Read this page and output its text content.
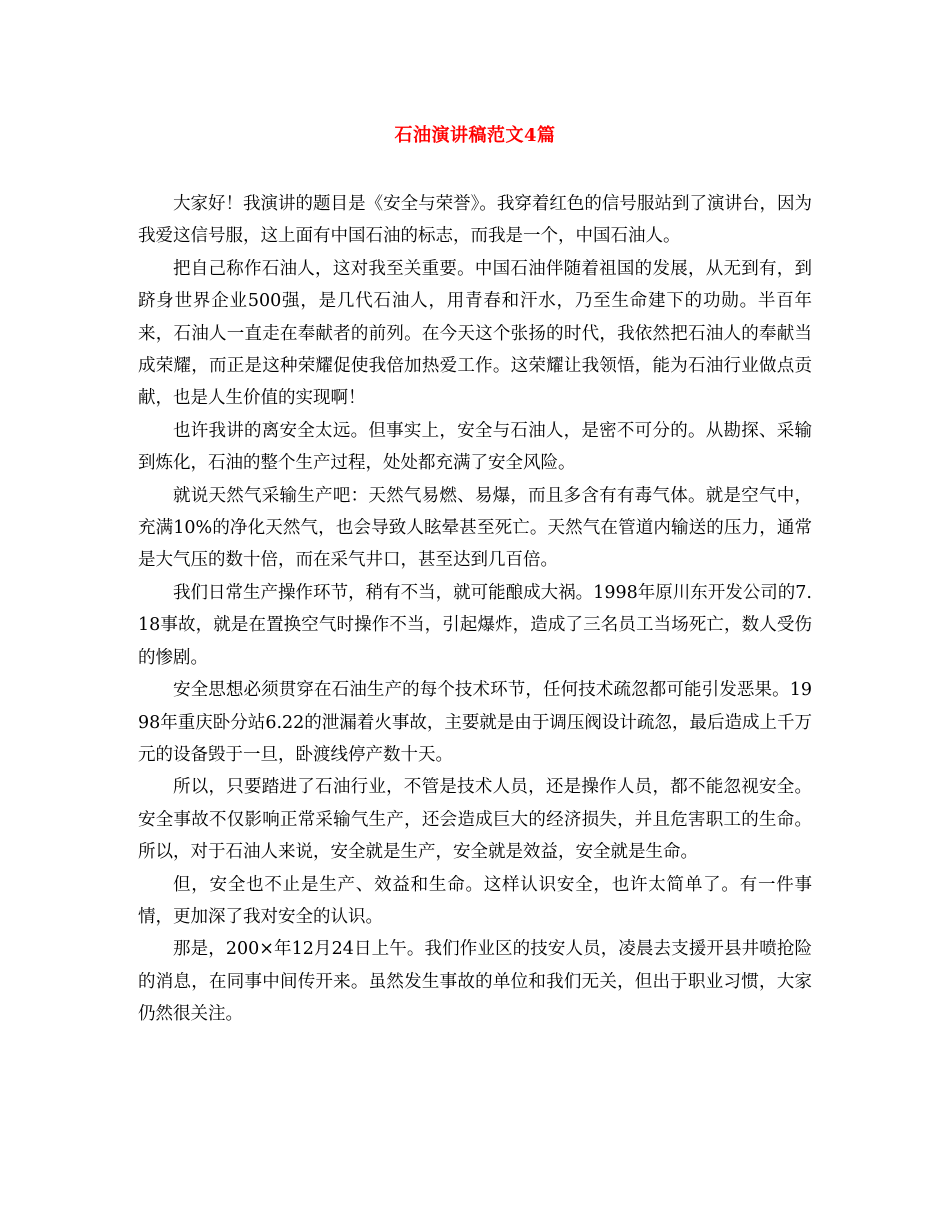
石油演讲稿范文4篇

大家好！我演讲的题目是《安全与荣誉》。我穿着红色的信号服站到了演讲台，因为我爱这信号服，这上面有中国石油的标志，而我是一个，中国石油人。

把自己称作石油人，这对我至关重要。中国石油伴随着祖国的发展，从无到有，到跻身世界企业500强，是几代石油人，用青春和汗水，乃至生命建下的功勋。半百年来，石油人一直走在奉献者的前列。在今天这个张扬的时代，我依然把石油人的奉献当成荣耀，而正是这种荣耀促使我倍加热爱工作。这荣耀让我领悟，能为石油行业做点贡献，也是人生价值的实现啊！

也许我讲的离安全太远。但事实上，安全与石油人，是密不可分的。从勘探、采输到炼化，石油的整个生产过程，处处都充满了安全风险。

就说天然气采输生产吧：天然气易燃、易爆，而且多含有有毒气体。就是空气中，充满10%的净化天然气，也会导致人眩晕甚至死亡。天然气在管道内输送的压力，通常是大气压的数十倍，而在采气井口，甚至达到几百倍。

我们日常生产操作环节，稍有不当，就可能酿成大祸。1998年原川东开发公司的7.18事故，就是在置换空气时操作不当，引起爆炸，造成了三名员工当场死亡，数人受伤的惨剧。

安全思想必须贯穿在石油生产的每个技术环节，任何技术疏忽都可能引发恶果。1998年重庆卧分站6.22的泄漏着火事故，主要就是由于调压阀设计疏忽，最后造成上千万元的设备毁于一旦，卧渡线停产数十天。

所以，只要踏进了石油行业，不管是技术人员，还是操作人员，都不能忽视安全。安全事故不仅影响正常采输气生产，还会造成巨大的经济损失，并且危害职工的生命。所以，对于石油人来说，安全就是生产，安全就是效益，安全就是生命。

但，安全也不止是生产、效益和生命。这样认识安全，也许太简单了。有一件事情，更加深了我对安全的认识。

那是，200×年12月24日上午。我们作业区的技安人员，凌晨去支援开县井喷抢险的消息，在同事中间传开来。虽然发生事故的单位和我们无关，但出于职业习惯，大家仍然很关注。
